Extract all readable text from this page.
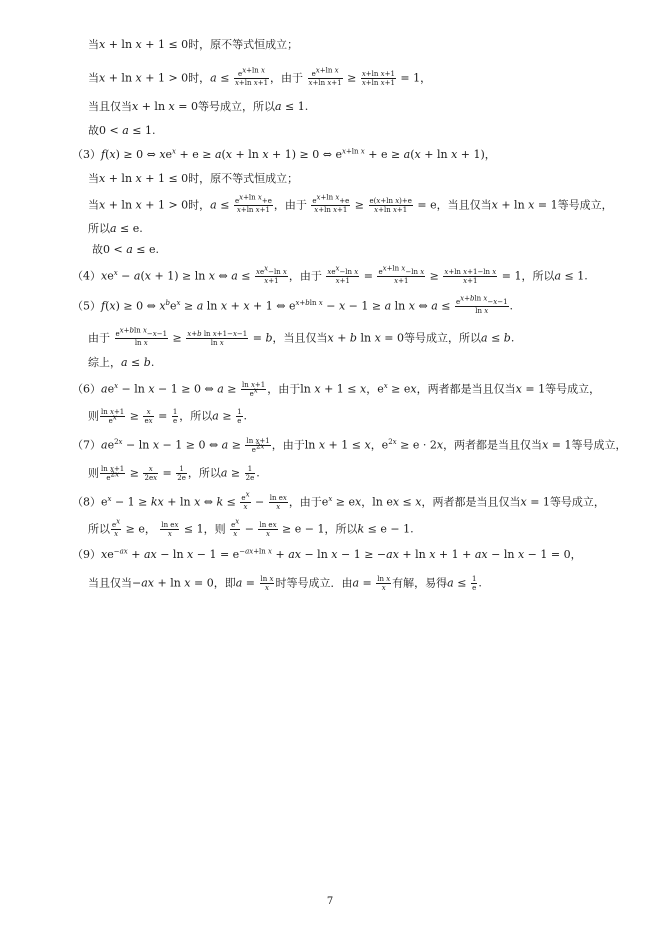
当x + ln x + 1 ≤ 0时，原不等式恒成立；
当x + ln x + 1 > 0时，$a \le \frac{e^{x+ln x}}{\text{x+ln x+1}}$ ，由于 $\frac{e^{x+ln x}}{\text{x+ln x+1}} \ge \frac{\text{x+ln x+1}}{\text{x+ln x+1}} = 1$，
当且仅当x + ln x = 0等号成立，所以a ≤ 1.
故0 < a ≤ 1.
（3）f(x) ≥ 0 ⇔ $xe^x + e \ge a(x + \ln x + 1) \ge 0$ ⇔ $e^{x+ln x} + e \ge a(x + \ln x + 1)$，
当x + ln x + 1 ≤ 0时，原不等式恒成立；
当x + ln x + 1 > 0时，$a \le \frac{e^{x+ln x}+e}{\text{x+ln x+1}}$ ，由于 $\frac{e^{x+ln x}+e}{\text{x+ln x+1}} \ge \frac{\text{e(x+ln x)+e}}{\text{x+ln x+1}} = e$，当且仅当x + ln x = 1等号成立，
所以a ≤ e.
故0 < a ≤ e.
$(4)xe^x - a(x + 1) \ge \ln x$ ⇔ $a \le \frac{xe^x-\ln x}{x+1}$ ，由于 $\frac{xe^x-\ln x}{x+1} = \frac{e^{x+ln x}-\ln x}{x+1} \ge \frac{\text{x+ln x+1−ln x}}{x+1} = 1$，所以a ≤ 1.
（5）f(x) ≥ 0 ⇔ $x^be^x \ge a$ ln x + x + 1 ⇔ $e^{x+bln x} - x - 1 \ge a$ ln x ⇔ $a \le \frac{e^{x+bln x}-x-1}{\text{ln x}}$ .
由于 $\frac{e^{x+bln x}-x-1}{\text{ln x}} \ge \frac{\text{x+b ln x+1−x−1}}{\text{ln x}} = b$，当且仅当x + b ln x = 0等号成立，所以a ≤ b.
综上，a ≤ b.
$(6)ae^x - \ln x - 1 \ge 0$ ⇔ $a \ge \frac{\text{ln x+1}}{e^x}$ ，由于ln x + 1 ≤ x，$e^x$ ≥ ex，两者都是当且仅当x = 1等号成立，
则 $\frac{\text{ln x+1}}{e^x} \ge \frac{x}{ex} = \frac{1}{e}$ ，所以$a \ge \frac{1}{e}$ .
$(7)ae^{2x} - \ln x - 1 \ge 0$ ⇔ $a \ge \frac{\text{ln x+1}}{e^{2x}}$ ，由于ln x + 1 ≤ x，$e^{2x} \ge e \cdot 2x$，两者都是当且仅当x = 1等号成立，
则 $\frac{\text{ln x+1}}{e^{2x}} \ge \frac{x}{2ex} = \frac{1}{2e}$ ，所以$a \ge \frac{1}{2e}$ .
$(8)e^x - 1$ ≥ kx + ln x ⇔ $k \le \frac{e^x}{x} - \frac{\text{ln ex}}{x}$ ，由于$e^x$ ≥ ex，ln ex ≤ x，两者都是当且仅当x = 1等号成立，
所以 $\frac{e^x}{x} \ge e$， $\frac{\text{ln ex}}{x} \le 1$，则 $\frac{e^x}{x} - \frac{\text{ln ex}}{x} \ge e - 1$，所以k ≤ e − 1.
$(9)xe^{-ax}$ + ax − $\ln x - 1 = e^{-ax+ln x}$ + ax − ln x − 1 ≥ −ax + ln x + 1 + ax − ln x − 1 = 0，
当且仅当−ax + ln x = 0，即$a = \frac{\text{ln x}}{x}$ 时等号成立．由$a = \frac{\text{ln x}}{x}$ 有解，易得$a \le \frac{1}{e}$ .
7
